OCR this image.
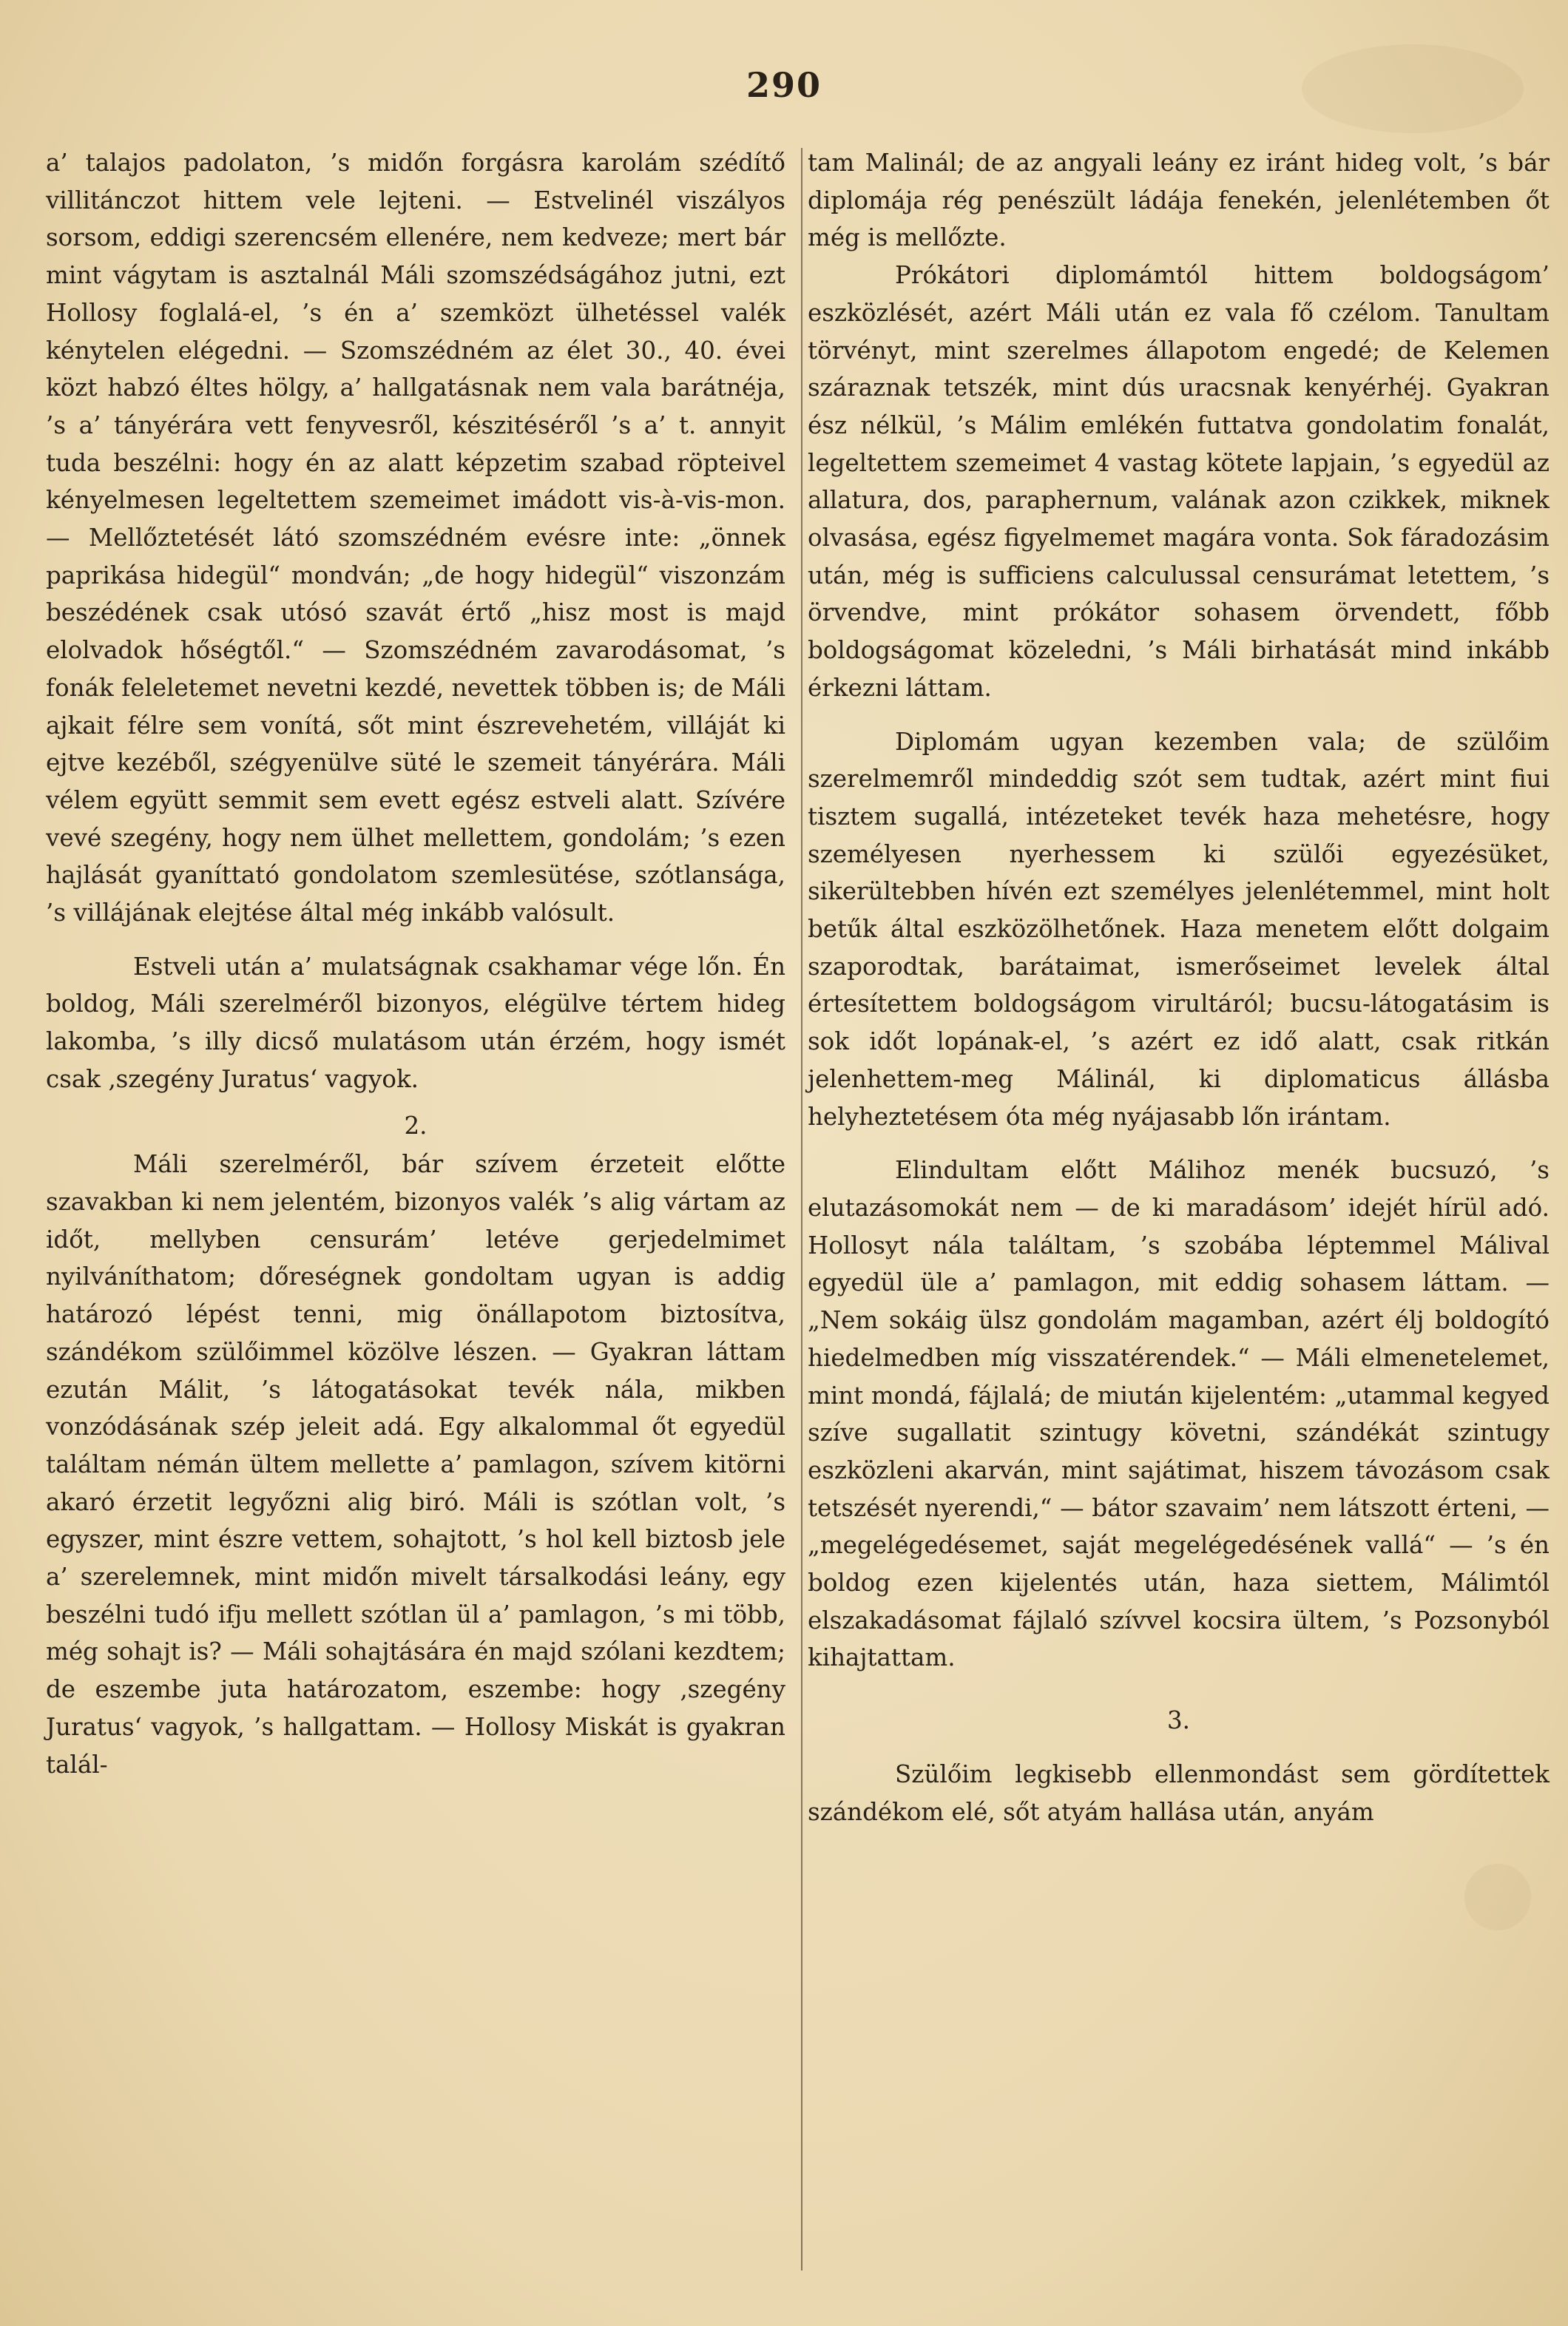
290

a’ talajos padolaton, ’s midőn forgásra karolám szédítő villitánczot hittem vele lejteni. — Estvelinél viszályos sorsom, eddigi szerencsém ellenére, nem kedveze; mert bár mint vágytam is asztalnál Máli szomszédságához jutni, ezt Hollosy foglalá-el, ’s én a’ szemközt ülhetéssel valék kénytelen elégedni. — Szomszédném az élet 30., 40. évei közt habzó éltes hölgy, a’ hallgatásnak nem vala barátnéja, ’s a’ tányérára vett fenyvesről, készitéséről ’s a’ t. annyit tuda beszélni: hogy én az alatt képzetim szabad röpteivel kényelmesen legeltettem szemeimet imádott vis-à-vis-mon. — Mellőztetését látó szomszédném evésre inte: „önnek paprikása hidegül“ mondván; „de hogy hidegül“ viszonzám beszédének csak utósó szavát értő „hisz most is majd elolvadok hőségtől.“ — Szomszédném zavarodásomat, ’s fonák feleletemet nevetni kezdé, nevettek többen is; de Máli ajkait félre sem vonítá, sőt mint észrevehetém, villáját ki ejtve kezéből, szégyenülve süté le szemeit tányérára. Máli vélem együtt semmit sem evett egész estveli alatt. Szívére vevé szegény, hogy nem ülhet mellettem, gondolám; ’s ezen hajlását gyaníttató gondolatom szemlesütése, szótlansága, ’s villájának elejtése által még inkább valósult.

Estveli után a’ mulatságnak csakhamar vége lőn. Én boldog, Máli szerelméről bizonyos, elégülve tértem hideg lakomba, ’s illy dicső mulatásom után érzém, hogy ismét csak ‚szegény Juratus‘ vagyok.

2.

Máli szerelméről, bár szívem érzeteit előtte szavakban ki nem jelentém, bizonyos valék ’s alig vártam az időt, mellyben censurám’ letéve gerjedelmimet nyilváníthatom; dőreségnek gondoltam ugyan is addig határozó lépést tenni, mig önállapotom biztosítva, szándékom szülőimmel közölve lészen. — Gyakran láttam ezután Málit, ’s látogatásokat tevék nála, mikben vonzódásának szép jeleit adá. Egy alkalommal őt egyedül találtam némán ültem mellette a’ pamlagon, szívem kitörni akaró érzetit legyőzni alig biró. Máli is szótlan volt, ’s egyszer, mint észre vettem, sohajtott, ’s hol kell biztosb jele a’ szerelemnek, mint midőn mivelt társalkodási leány, egy beszélni tudó ifju mellett szótlan ül a’ pamlagon, ’s mi több, még sohajt is? — Máli sohajtására én majd szólani kezdtem; de eszembe juta határozatom, eszembe: hogy ‚szegény Juratus‘ vagyok, ’s hallgattam. — Hollosy Miskát is gyakran talál-

tam Malinál; de az angyali leány ez iránt hideg volt, ’s bár diplomája rég penészült ládája fenekén, jelenlétemben őt még is mellőzte.

Prókátori diplomámtól hittem boldogságom’ eszközlését, azért Máli után ez vala fő czélom. Tanultam törvényt, mint szerelmes állapotom engedé; de Kelemen száraznak tetszék, mint dús uracsnak kenyérhéj. Gyakran ész nélkül, ’s Málim emlékén futtatva gondolatim fonalát, legeltettem szemeimet 4 vastag kötete lapjain, ’s egyedül az allatura, dos, paraphernum, valának azon czikkek, miknek olvasása, egész figyelmemet magára vonta. Sok fáradozásim után, még is sufficiens calculussal censurámat letettem, ’s örvendve, mint prókátor sohasem örvendett, főbb boldogságomat közeledni, ’s Máli birhatását mind inkább érkezni láttam.

Diplomám ugyan kezemben vala; de szülőim szerelmemről mindeddig szót sem tudtak, azért mint fiui tisztem sugallá, intézeteket tevék haza mehetésre, hogy személyesen nyerhessem ki szülői egyezésüket, sikerültebben hívén ezt személyes jelenlétemmel, mint holt betűk által eszközölhetőnek. Haza menetem előtt dolgaim szaporodtak, barátaimat, ismerőseimet levelek által értesítettem boldogságom virultáról; bucsu-látogatásim is sok időt lopának-el, ’s azért ez idő alatt, csak ritkán jelenhettem-meg Málinál, ki diplomaticus állásba helyheztetésem óta még nyájasabb lőn irántam.

Elindultam előtt Málihoz menék bucsuzó, ’s elutazásomokát nem — de ki maradásom’ idejét hírül adó. Hollosyt nála találtam, ’s szobába léptemmel Málival egyedül üle a’ pamlagon, mit eddig sohasem láttam. — „Nem sokáig ülsz gondolám magamban, azért élj boldogító hiedelmedben míg visszatérendek.“ — Máli elmenetelemet, mint mondá, fájlalá; de miután kijelentém: „utammal kegyed szíve sugallatit szintugy követni, szándékát szintugy eszközleni akarván, mint sajátimat, hiszem távozásom csak tetszését nyerendi,“ — bátor szavaim’ nem látszott érteni, — „megelégedésemet, saját megelégedésének vallá“ — ’s én boldog ezen kijelentés után, haza siettem, Málimtól elszakadásomat fájlaló szívvel kocsira ültem, ’s Pozsonyból kihajtattam.

3.

Szülőim legkisebb ellenmondást sem gördítettek szándékom elé, sőt atyám hallása után, anyám
